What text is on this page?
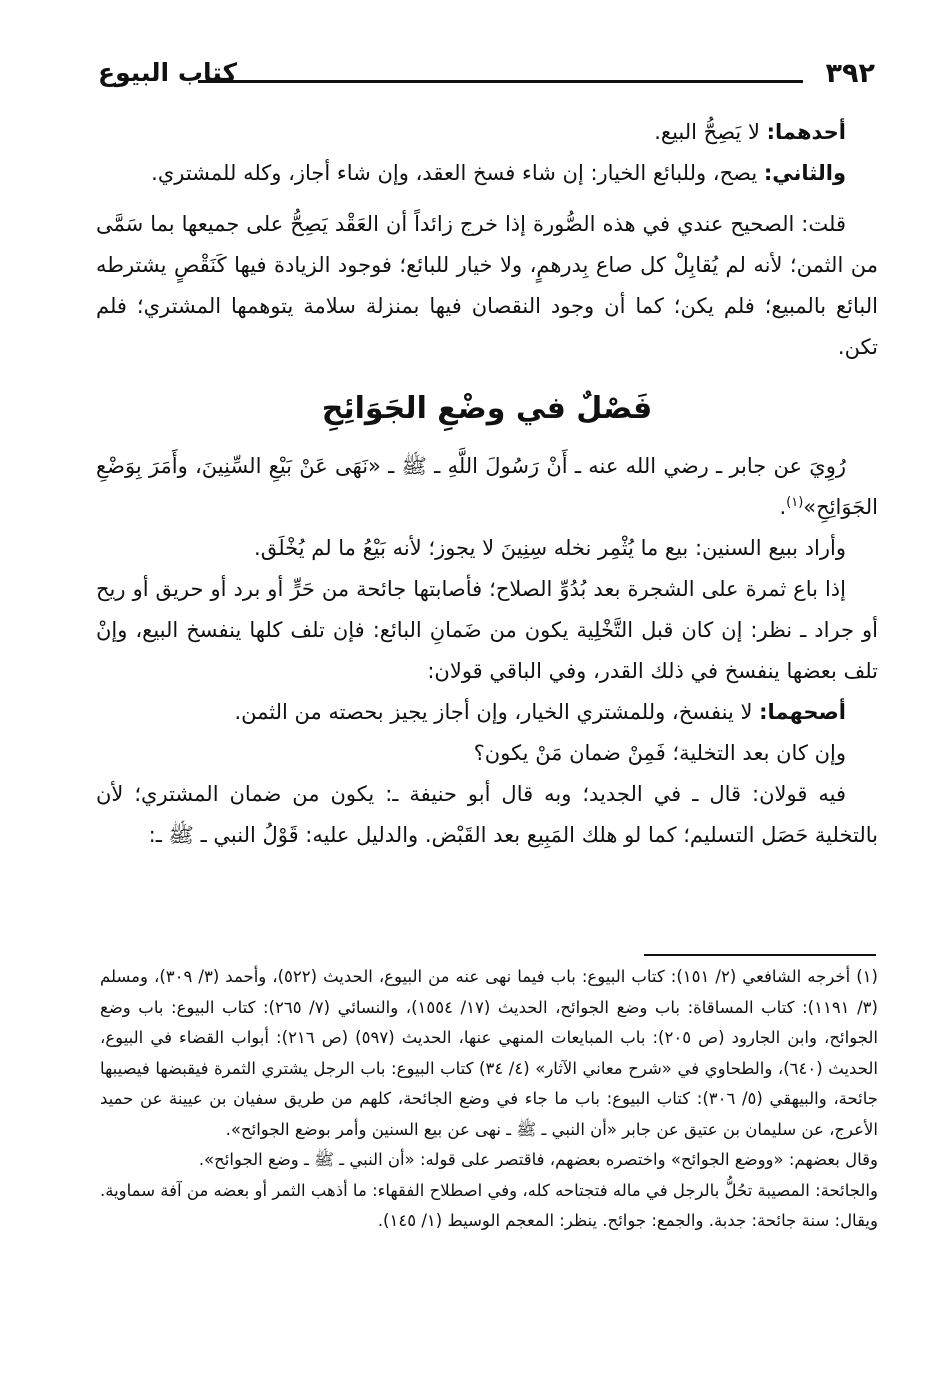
٣٩٢
كتاب البيوع

أحدهما: لا يَصِحُّ البيع.

والثاني: يصح، وللبائع الخيار: إن شاء فسخ العقد، وإن شاء أجاز، وكله للمشتري.

قلت: الصحيح عندي في هذه الصُّورة إذا خرج زائداً أن العَقْد يَصِحُّ على جميعها بما سَمَّى من الثمن؛ لأنه لم يُقابِلْ كل صاع بِدرهمٍ، ولا خيار للبائع؛ فوجود الزيادة فيها كَنَقْصٍ يشترطه البائع بالمبيع؛ فلم يكن؛ كما أن وجود النقصان فيها بمنزلة سلامة يتوهمها المشتري؛ فلم تكن.

فَصْلٌ في وضْعِ الجَوَائِحِ

رُوِيَ عن جابر ـ رضي الله عنه ـ أَنْ رَسُولَ اللَّهِ ـ ﷺ ـ «نَهَى عَنْ بَيْعِ السِّنِينَ، وأَمَرَ بِوَضْعِ الجَوَائِحِ»$^{(١)}$.

وأراد ببيع السنين: بيع ما يُثْمِر نخله سِنِينَ لا يجوز؛ لأنه بَيْعُ ما لم يُخْلَق.

إذا باع ثمرة على الشجرة بعد بُدُوِّ الصلاح؛ فأصابتها جائحة من حَرٍّ أو برد أو حريق أو ريح أو جراد ـ نظر: إن كان قبل التَّخْلِية يكون من ضَمانِ البائع: فإن تلف كلها ينفسخ البيع، وإنْ تلف بعضها ينفسخ في ذلك القدر، وفي الباقي قولان:

أصحهما: لا ينفسخ، وللمشتري الخيار، وإن أجاز يجيز بحصته من الثمن.

وإن كان بعد التخلية؛ فَمِنْ ضمان مَنْ يكون؟

فيه قولان: قال ـ في الجديد؛ وبه قال أبو حنيفة ـ: يكون من ضمان المشتري؛ لأن بالتخلية حَصَل التسليم؛ كما لو هلك المَبِيع بعد القَبْض. والدليل عليه: قَوْلُ النبي ـ ﷺ ـ:

(١) أخرجه الشافعي (٢/ ١٥١): كتاب البيوع: باب فيما نهى عنه من البيوع، الحديث (٥٢٢)، وأحمد (٣/ ٣٠٩)، ومسلم (٣/ ١١٩١): كتاب المساقاة: باب وضع الجوائح، الحديث (١٧/ ١٥٥٤)، والنسائي (٧/ ٢٦٥): كتاب البيوع: باب وضع الجوائح، وابن الجارود (ص ٢٠٥): باب المبايعات المنهي عنها، الحديث (٥٩٧) (ص ٢١٦): أبواب القضاء في البيوع، الحديث (٦٤٠)، والطحاوي في «شرح معاني الآثار» (٤/ ٣٤) كتاب البيوع: باب الرجل يشتري الثمرة فيقبضها فيصيبها جائحة، والبيهقي (٥/ ٣٠٦): كتاب البيوع: باب ما جاء في وضع الجائحة، كلهم من طريق سفيان بن عيينة عن حميد الأعرج، عن سليمان بن عتيق عن جابر «أن النبي ـ ﷺ ـ نهى عن بيع السنين وأمر بوضع الجوائح».

وقال بعضهم: «ووضع الجوائح» واختصره بعضهم، فاقتصر على قوله: «أن النبي ـ ﷺ ـ وضع الجوائح».

والجائحة: المصيبة تحُلُّ بالرجل في ماله فتجتاحه كله، وفي اصطلاح الفقهاء: ما أذهب الثمر أو بعضه من آفة سماوية. ويقال: سنة جائحة: جدبة. والجمع: جوائح. ينظر: المعجم الوسيط (١/ ١٤٥).
